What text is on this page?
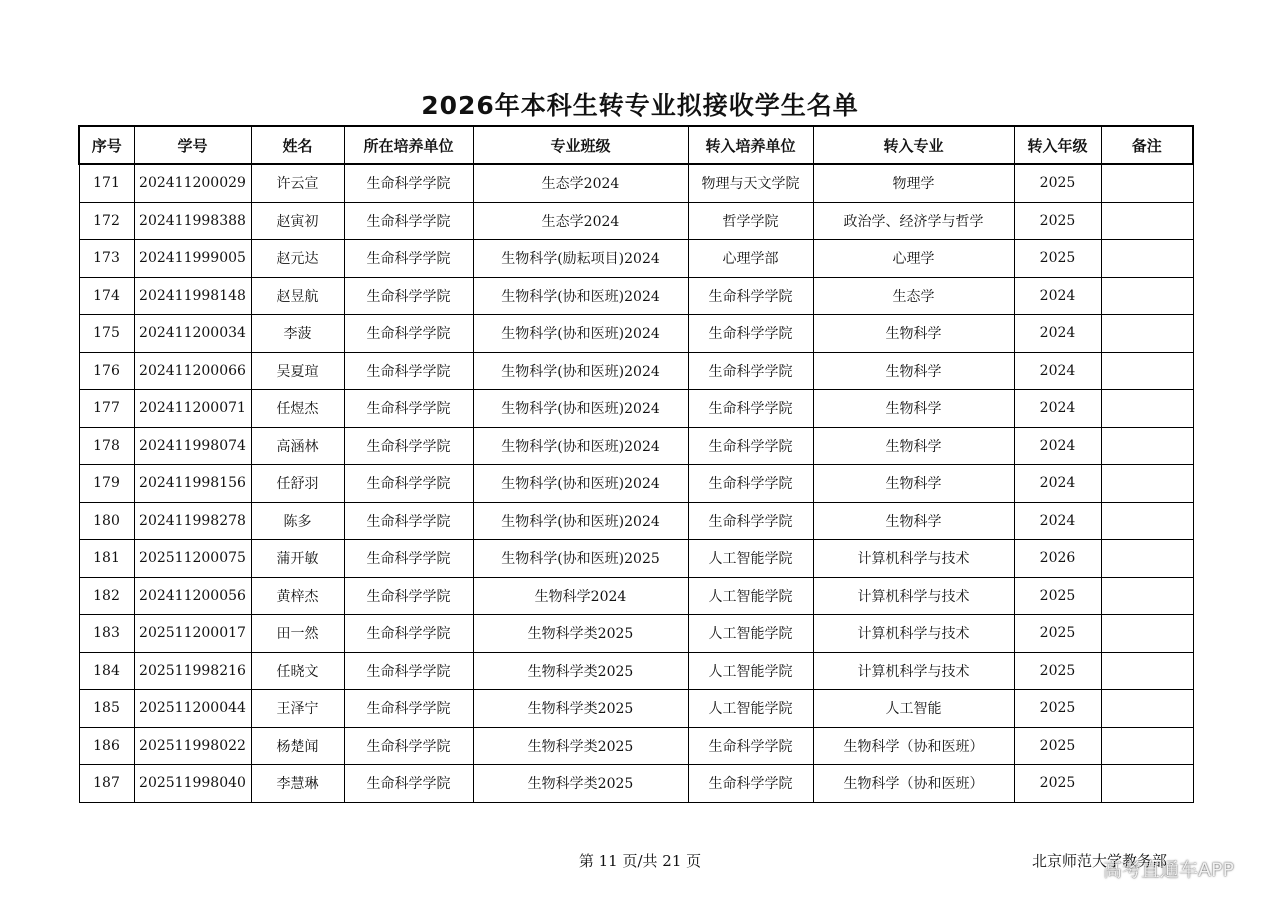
2026年本科生转专业拟接收学生名单
序号	学号	姓名	所在培养单位	专业班级	转入培养单位	转入专业	转入年级	备注
171	202411200029	许云宣	生命科学学院	生态学2024	物理与天文学院	物理学	2025	
172	202411998388	赵寅初	生命科学学院	生态学2024	哲学学院	政治学、经济学与哲学	2025	
173	202411999005	赵元达	生命科学学院	生物科学(励耘项目)2024	心理学部	心理学	2025	
174	202411998148	赵昱航	生命科学学院	生物科学(协和医班)2024	生命科学学院	生态学	2024	
175	202411200034	李菠	生命科学学院	生物科学(协和医班)2024	生命科学学院	生物科学	2024	
176	202411200066	吴夏瑄	生命科学学院	生物科学(协和医班)2024	生命科学学院	生物科学	2024	
177	202411200071	任煜杰	生命科学学院	生物科学(协和医班)2024	生命科学学院	生物科学	2024	
178	202411998074	高涵林	生命科学学院	生物科学(协和医班)2024	生命科学学院	生物科学	2024	
179	202411998156	任舒羽	生命科学学院	生物科学(协和医班)2024	生命科学学院	生物科学	2024	
180	202411998278	陈多	生命科学学院	生物科学(协和医班)2024	生命科学学院	生物科学	2024	
181	202511200075	蒲开敏	生命科学学院	生物科学(协和医班)2025	人工智能学院	计算机科学与技术	2026	
182	202411200056	黄梓杰	生命科学学院	生物科学2024	人工智能学院	计算机科学与技术	2025	
183	202511200017	田一然	生命科学学院	生物科学类2025	人工智能学院	计算机科学与技术	2025	
184	202511998216	任晓文	生命科学学院	生物科学类2025	人工智能学院	计算机科学与技术	2025	
185	202511200044	王泽宁	生命科学学院	生物科学类2025	人工智能学院	人工智能	2025	
186	202511998022	杨楚闻	生命科学学院	生物科学类2025	生命科学学院	生物科学（协和医班）	2025	
187	202511998040	李慧琳	生命科学学院	生物科学类2025	生命科学学院	生物科学（协和医班）	2025	
第 11 页/共 21 页	北京师范大学教务部
高考直通车APP
